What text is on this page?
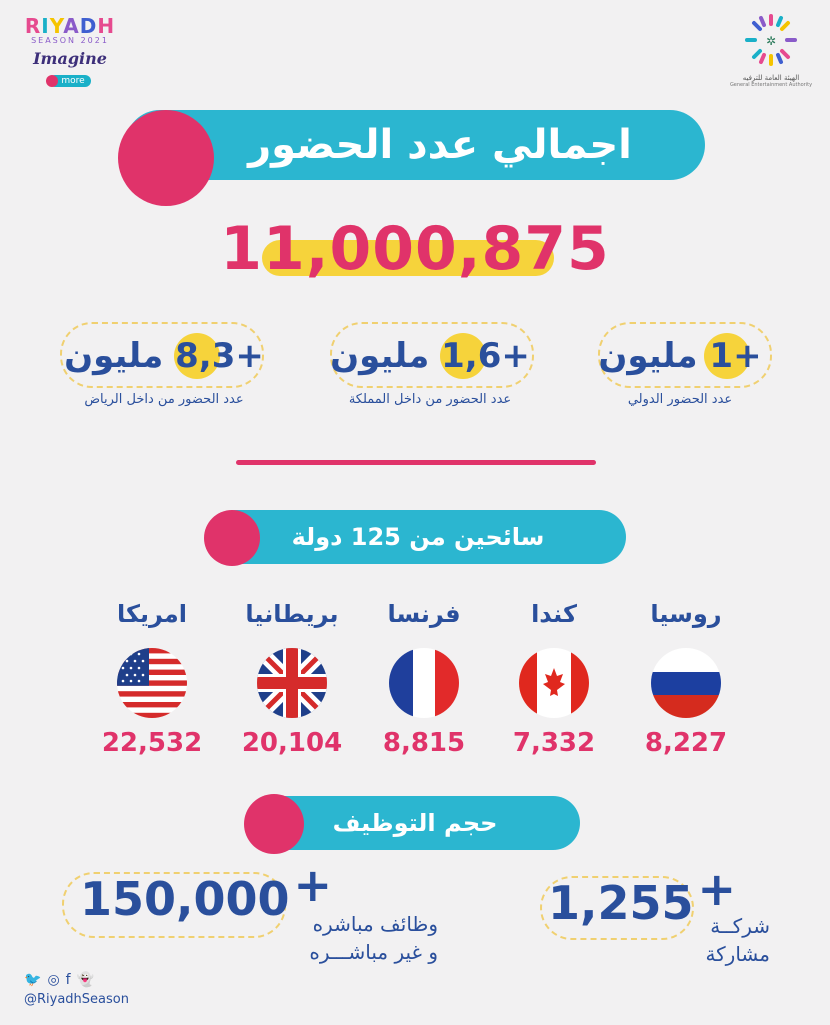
RIYADH
SEASON 2021
Imagine
more
✲
الهيئة العامة للترفيه
General Entertainment Authority
اجمالي عدد الحضور
11,000,875
+1 مليون
عدد الحضور الدولي
+1,6 مليون
عدد الحضور من داخل المملكة
+8,3 مليون
عدد الحضور من داخل الرياض
سائحين من 125 دولة
روسيا
8,227
كندا
7,332
فرنسا
8,815
بريطانيا
20,104
امريكا
22,532
حجم التوظيف
1,255 +
شركــة
مشاركة
150,000 +
وظائف مباشره
و غير مباشـــره
🐦◎f👻
@RiyadhSeason
